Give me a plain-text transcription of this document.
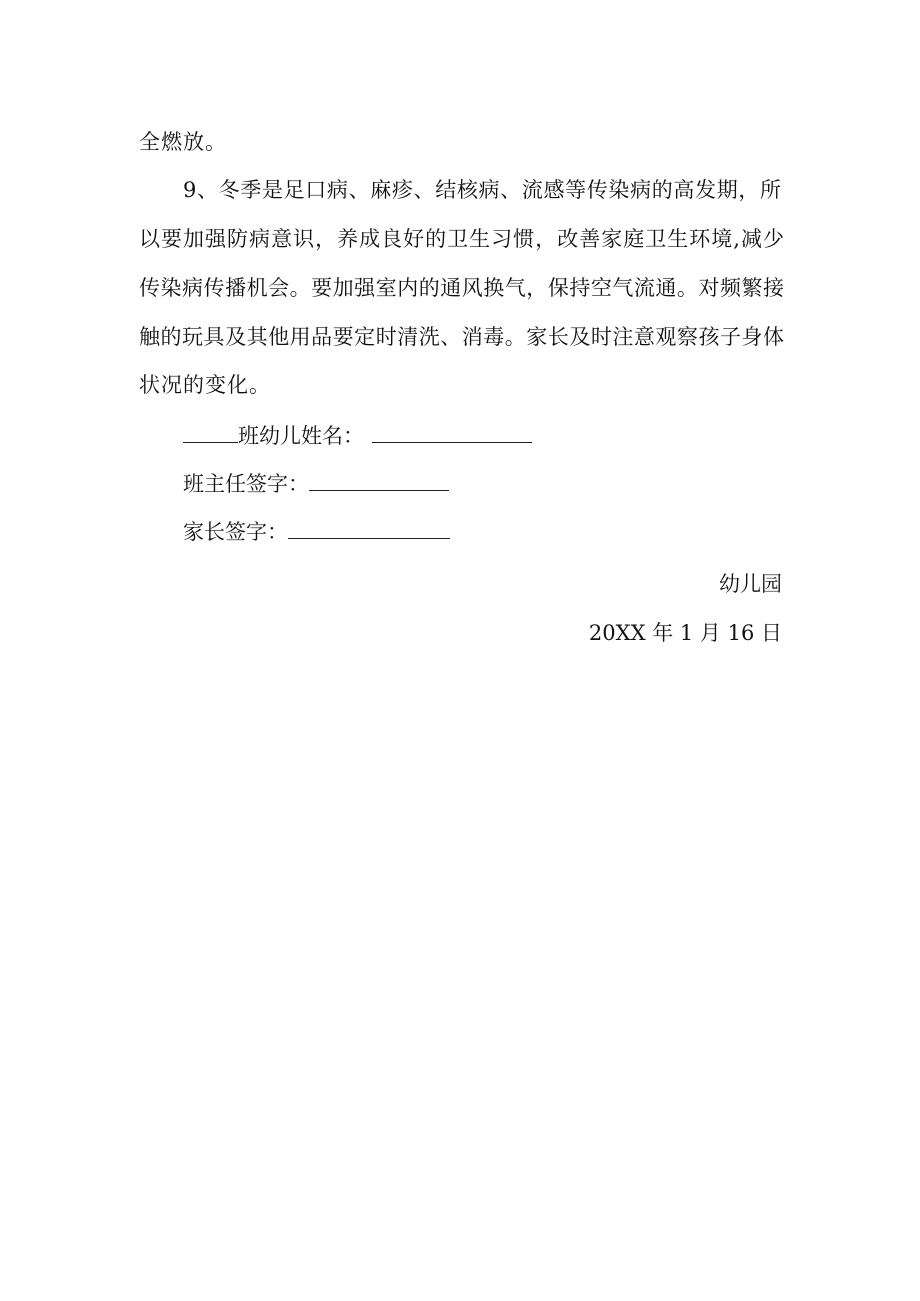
全燃放。
9、冬季是足口病、麻疹、结核病、流感等传染病的高发期，所
以要加强防病意识，养成良好的卫生习惯，改善家庭卫生环境,减少
传染病传播机会。要加强室内的通风换气，保持空气流通。对频繁接
触的玩具及其他用品要定时清洗、消毒。家长及时注意观察孩子身体
状况的变化。
班幼儿姓名：
班主任签字：
家长签字：
幼儿园
20XX 年 1 月 16 日
